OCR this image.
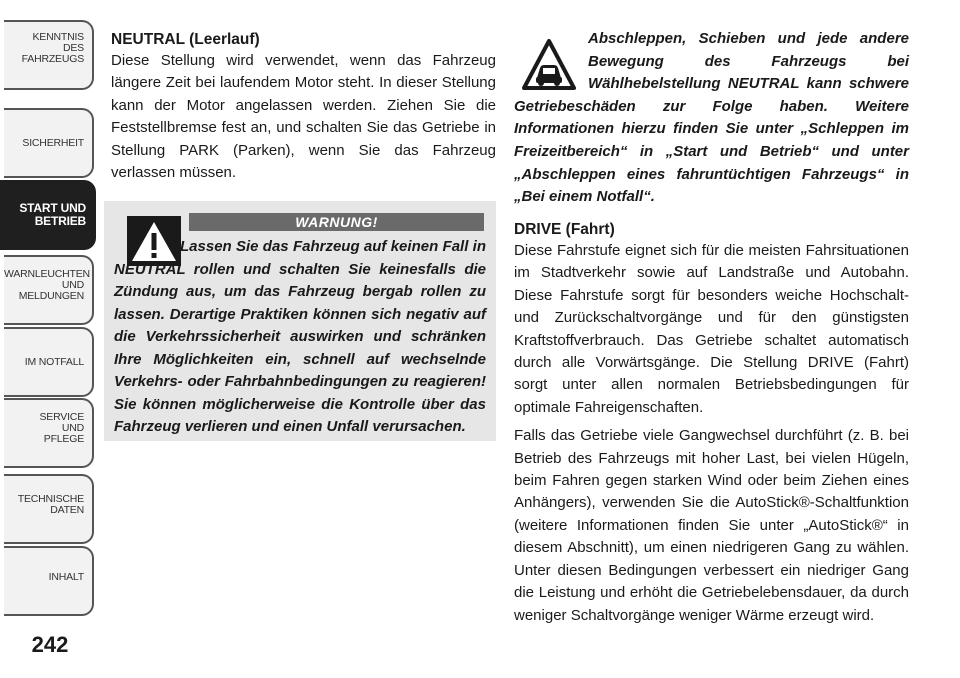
KENNTNIS
DES
FAHRZEUGS
SICHERHEIT
START UND
BETRIEB
WARNLEUCHTEN
UND
MELDUNGEN
IM NOTFALL
SERVICE
UND
PFLEGE
TECHNISCHE
DATEN
INHALT
242
NEUTRAL (Leerlauf)

Diese Stellung wird verwendet, wenn das Fahrzeug längere Zeit bei laufendem Motor steht. In dieser Stellung kann der Motor angelassen werden. Ziehen Sie die Feststellbremse fest an, und schalten Sie das Getriebe in Stellung PARK (Parken), wenn Sie das Fahrzeug verlassen müssen.

WARNUNG!
Lassen Sie das Fahrzeug auf keinen Fall in NEUTRAL rollen und schalten Sie keinesfalls die Zündung aus, um das Fahrzeug bergab rollen zu lassen. Derartige Praktiken können sich negativ auf die Verkehrssicherheit auswirken und schränken Ihre Möglichkeiten ein, schnell auf wechselnde Verkehrs- oder Fahrbahnbedingungen zu reagieren! Sie können möglicherweise die Kontrolle über das Fahrzeug verlieren und einen Unfall verursachen.
Abschleppen, Schieben und jede andere Bewegung des Fahrzeugs bei Wählhebelstellung NEUTRAL kann schwere Getriebeschäden zur Folge haben. Weitere Informationen hierzu finden Sie unter „Schleppen im Freizeitbereich“ in „Start und Betrieb“ und unter „Abschleppen eines fahruntüchtigen Fahrzeugs“ in „Bei einem Notfall“.
DRIVE (Fahrt)

Diese Fahrstufe eignet sich für die meisten Fahrsituationen im Stadtverkehr sowie auf Landstraße und Autobahn. Diese Fahrstufe sorgt für besonders weiche Hochschalt- und Zurückschaltvorgänge und für den günstigsten Kraftstoffverbrauch. Das Getriebe schaltet automatisch durch alle Vorwärtsgänge. Die Stellung DRIVE (Fahrt) sorgt unter allen normalen Betriebsbedingungen für optimale Fahreigenschaften.

Falls das Getriebe viele Gangwechsel durchführt (z. B. bei Betrieb des Fahrzeugs mit hoher Last, bei vielen Hügeln, beim Fahren gegen starken Wind oder beim Ziehen eines Anhängers), verwenden Sie die AutoStick®-Schaltfunktion (weitere Informationen finden Sie unter „AutoStick®“ in diesem Abschnitt), um einen niedrigeren Gang zu wählen. Unter diesen Bedingungen verbessert ein niedriger Gang die Leistung und erhöht die Getriebelebensdauer, da durch weniger Schaltvorgänge weniger Wärme erzeugt wird.
